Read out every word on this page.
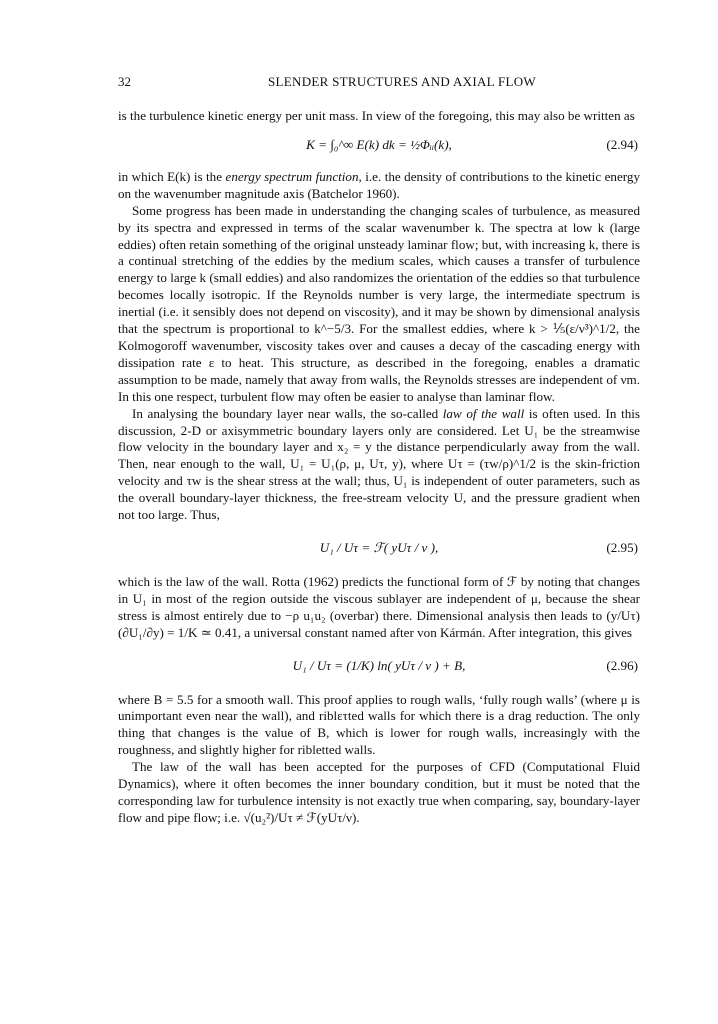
32	SLENDER STRUCTURES AND AXIAL FLOW

is the turbulence kinetic energy per unit mass. In view of the foregoing, this may also be written as

K = ∫₀^∞ E(k) dk = ½Φᵢᵢ(k),	(2.94)

in which E(k) is the energy spectrum function, i.e. the density of contributions to the kinetic energy on the wavenumber magnitude axis (Batchelor 1960).

Some progress has been made in understanding the changing scales of turbulence, as measured by its spectra and expressed in terms of the scalar wavenumber k. The spectra at low k (large eddies) often retain something of the original unsteady laminar flow; but, with increasing k, there is a continual stretching of the eddies by the medium scales, which causes a transfer of turbulence energy to large k (small eddies) and also randomizes the orientation of the eddies so that turbulence becomes locally isotropic. If the Reynolds number is very large, the intermediate spectrum is inertial (i.e. it sensibly does not depend on viscosity), and it may be shown by dimensional analysis that the spectrum is proportional to k^−5/3. For the smallest eddies, where k > ⅕(ε/ν³)^1/2, the Kolmogoroff wavenumber, viscosity takes over and causes a decay of the cascading energy with dissipation rate ε to heat. This structure, as described in the foregoing, enables a dramatic assumption to be made, namely that away from walls, the Reynolds stresses are independent of νm. In this one respect, turbulent flow may often be easier to analyse than laminar flow.

In analysing the boundary layer near walls, the so-called law of the wall is often used. In this discussion, 2-D or axisymmetric boundary layers only are considered. Let U₁ be the streamwise flow velocity in the boundary layer and x₂ = y the distance perpendicularly away from the wall. Then, near enough to the wall, U₁ = U₁(ρ, μ, Uτ, y), where Uτ = (τw/ρ)^1/2 is the skin-friction velocity and τw is the shear stress at the wall; thus, U₁ is independent of outer parameters, such as the overall boundary-layer thickness, the free-stream velocity U, and the pressure gradient when not too large. Thus,

U₁ / Uτ = ℱ( yUτ / ν ),	(2.95)

which is the law of the wall. Rotta (1962) predicts the functional form of ℱ by noting that changes in U₁ in most of the region outside the viscous sublayer are independent of μ, because the shear stress is almost entirely due to −ρ u₁u₂ (overbar) there. Dimensional analysis then leads to (y/Uτ)(∂U₁/∂y) = 1/K ≃ 0.41, a universal constant named after von Kármán. After integration, this gives

U₁ / Uτ = (1/K) ln( yUτ / ν ) + B,	(2.96)

where B = 5.5 for a smooth wall. This proof applies to rough walls, ‘fully rough walls’ (where μ is unimportant even near the wall), and riblετted walls for which there is a drag reduction. The only thing that changes is the value of B, which is lower for rough walls, increasingly with the roughness, and slightly higher for ribletted walls.

The law of the wall has been accepted for the purposes of CFD (Computational Fluid Dynamics), where it often becomes the inner boundary condition, but it must be noted that the corresponding law for turbulence intensity is not exactly true when comparing, say, boundary-layer flow and pipe flow; i.e. √(u₂²)/Uτ ≠ ℱ(yUτ/ν).
